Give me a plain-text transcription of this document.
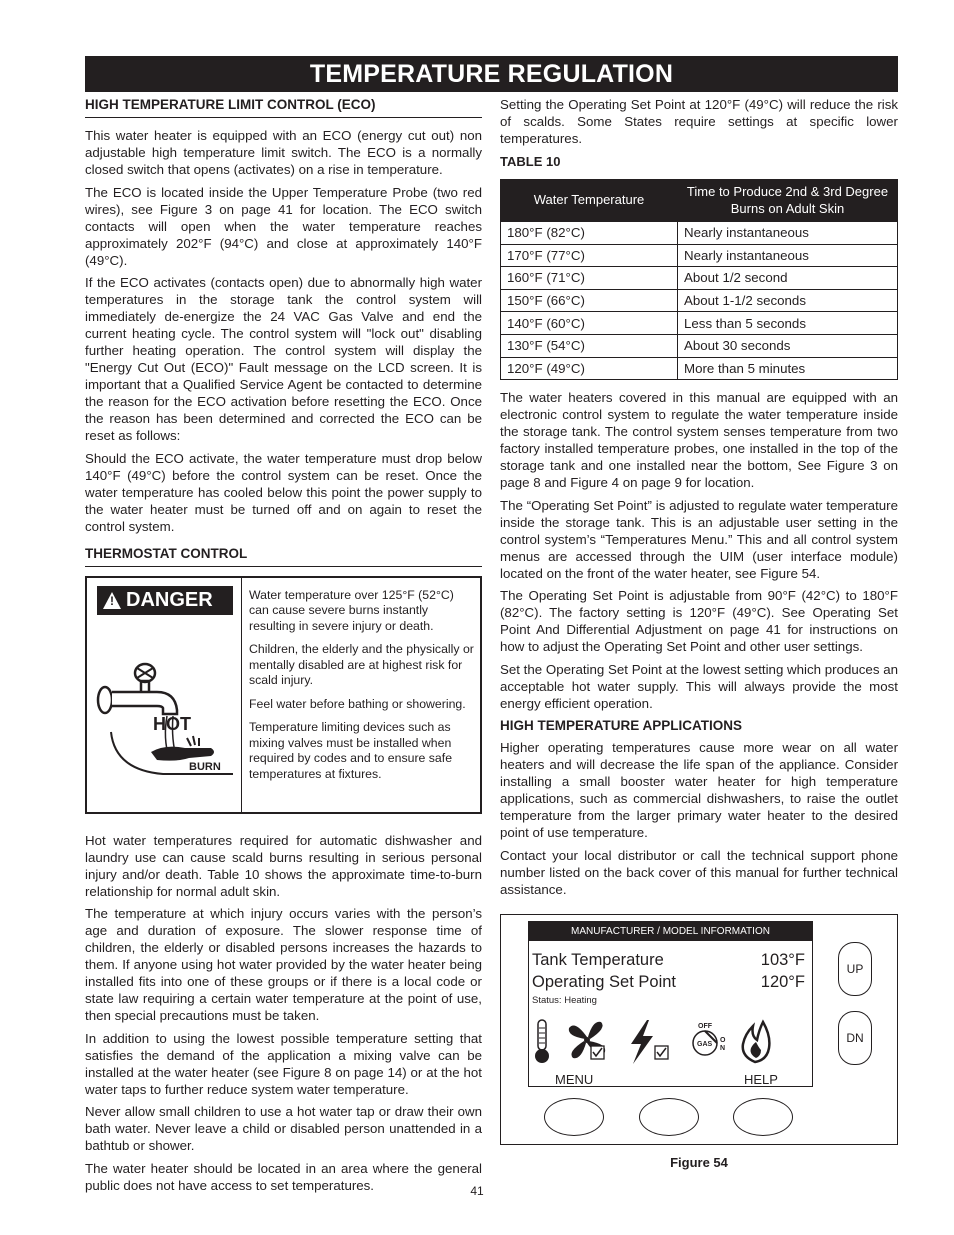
TEMPERATURE REGULATION
HIGH TEMPERATURE LIMIT CONTROL (ECO)

This water heater is equipped with an ECO (energy cut out) non adjustable high temperature limit switch. The ECO is a normally closed switch that opens (activates) on a rise in temperature.

The ECO is located inside the Upper Temperature Probe (two red wires), see Figure 3 on page 41 for location. The ECO switch contacts will open when the water temperature reaches approximately 202°F (94°C) and close at approximately 140°F (49°C).

If the ECO activates (contacts open) due to abnormally high water temperatures in the storage tank the control system will immediately de-energize the 24 VAC Gas Valve and end the current heating cycle. The control system will "lock out" disabling further heating operation. The control system will display the "Energy Cut Out (ECO)" Fault message on the LCD screen. It is important that a Qualified Service Agent be contacted to determine the reason for the ECO activation before resetting the ECO. Once the reason has been determined and corrected the ECO can be reset as follows:

Should the ECO activate, the water temperature must drop below 140°F (49°C) before the control system can be reset. Once the water temperature has cooled below this point the power supply to the water heater must be turned off and on again to reset the control system.

THERMOSTAT CONTROL
! DANGER
HOT
BURN

Water temperature over 125°F (52°C) can cause severe burns instantly resulting in severe injury or death.

Children, the elderly and the physically or mentally disabled are at highest risk for scald injury.

Feel water before bathing or showering.

Temperature limiting devices such as mixing valves must be installed when required by codes and to ensure safe temperatures at fixtures.

Hot water temperatures required for automatic dishwasher and laundry use can cause scald burns resulting in serious personal injury and/or death. Table 10 shows the approximate time-to-burn relationship for normal adult skin.

The temperature at which injury occurs varies with the person’s age and duration of exposure. The slower response time of children, the elderly or disabled persons increases the hazards to them. If anyone using hot water provided by the water heater being installed fits into one of these groups or if there is a local code or state law requiring a certain water temperature at the point of use, then special precautions must be taken.

In addition to using the lowest possible temperature setting that satisfies the demand of the application a mixing valve can be installed at the water heater (see Figure 8 on page 14) or at the hot water taps to further reduce system water temperature.

Never allow small children to use a hot water tap or draw their own bath water. Never leave a child or disabled person unattended in a bathtub or shower.

The water heater should be located in an area where the general public does not have access to set temperatures.

Setting the Operating Set Point at 120°F (49°C) will reduce the risk of scalds. Some States require settings at specific lower temperatures.

TABLE 10
Water Temperature	Time to Produce 2nd & 3rd Degree Burns on Adult Skin
180°F (82°C)	Nearly instantaneous
170°F (77°C)	Nearly instantaneous
160°F (71°C)	About 1/2 second
150°F (66°C)	About 1-1/2 seconds
140°F (60°C)	Less than 5 seconds
130°F (54°C)	About 30 seconds
120°F (49°C)	More than 5 minutes

The water heaters covered in this manual are equipped with an electronic control system to regulate the water temperature inside the storage tank. The control system senses temperature from two factory installed temperature probes, one installed in the top of the storage tank and one installed near the bottom, See Figure 3 on page 8 and Figure 4 on page 9 for location.

The “Operating Set Point” is adjusted to regulate water temperature inside the storage tank. This is an adjustable user setting in the control system’s “Temperatures Menu.” This and all control system menus are accessed through the UIM (user interface module) located on the front of the water heater, see Figure 54.

The Operating Set Point is adjustable from 90°F (42°C) to 180°F (82°C). The factory setting is 120°F (49°C). See Operating Set Point And Differential Adjustment on page 41 for instructions on how to adjust the Operating Set Point and other user settings.

Set the Operating Set Point at the lowest setting which produces an acceptable hot water supply. This will always provide the most energy efficient operation.

HIGH TEMPERATURE APPLICATIONS

Higher operating temperatures cause more wear on all water heaters and will decrease the life span of the appliance. Consider installing a small booster water heater for high temperature applications, such as commercial dishwashers, to raise the outlet temperature from the larger primary water heater to the desired point of use temperature.

Contact your local distributor or call the technical support phone number listed on the back cover of this manual for further technical assistance.

MANUFACTURER / MODEL INFORMATION
Tank Temperature	103°F
Operating Set Point	120°F
Status: Heating
GAS
OFF
O
N
MENU	HELP
UP
DN
Figure 54
41
